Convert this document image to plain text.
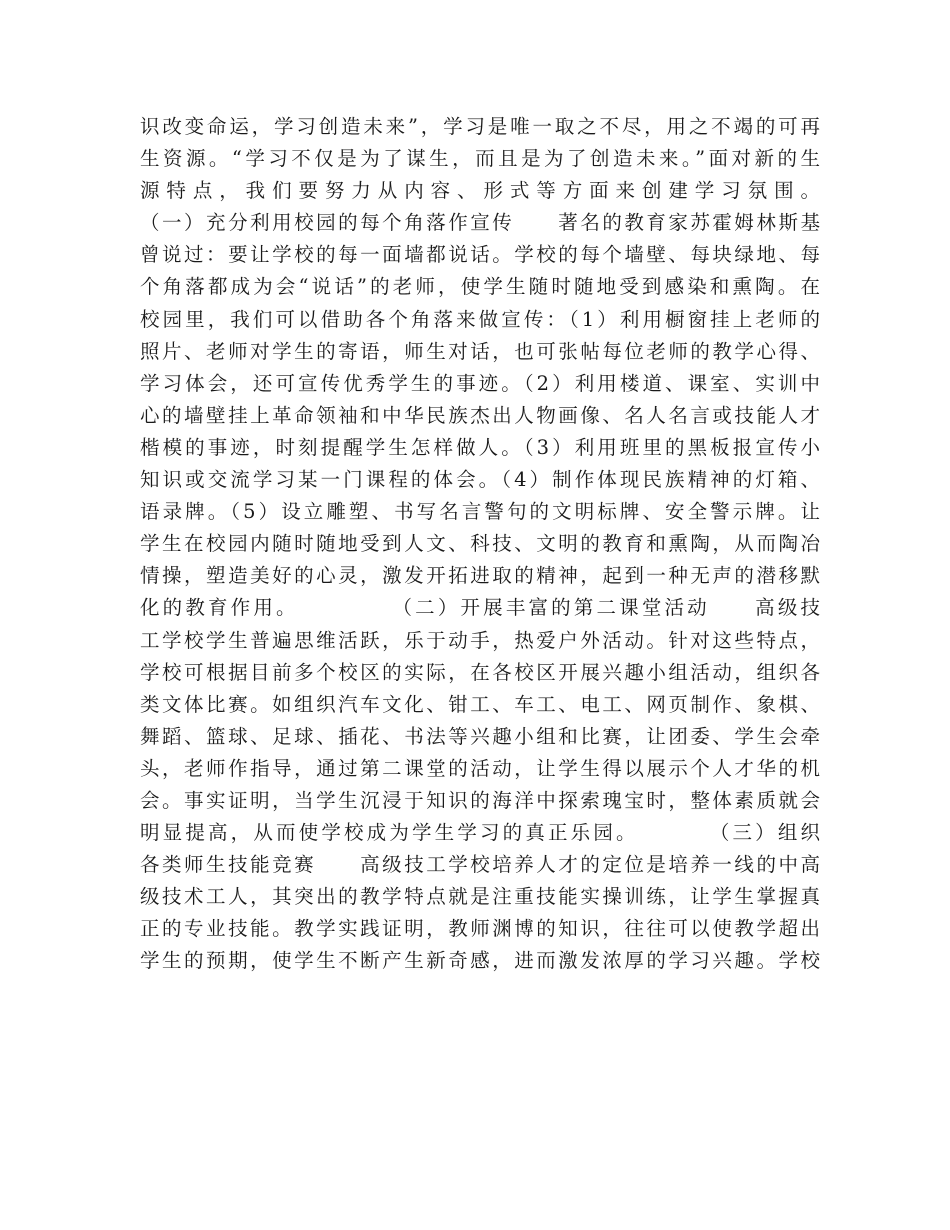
识改变命运，学习创造未来”，学习是唯一取之不尽，用之不竭的可再
生资源。“学习不仅是为了谋生，而且是为了创造未来。”面对新的生
源特点，我们要努力从内容、形式等方面来创建学习氛围。
（一）充分利用校园的每个角落作宣传　　著名的教育家苏霍姆林斯基
曾说过：要让学校的每一面墙都说话。学校的每个墙壁、每块绿地、每
个角落都成为会“说话”的老师，使学生随时随地受到感染和熏陶。在
校园里，我们可以借助各个角落来做宣传：（1）利用橱窗挂上老师的
照片、老师对学生的寄语，师生对话，也可张帖每位老师的教学心得、
学习体会，还可宣传优秀学生的事迹。（2）利用楼道、课室、实训中
心的墙壁挂上革命领袖和中华民族杰出人物画像、名人名言或技能人才
楷模的事迹，时刻提醒学生怎样做人。（3）利用班里的黑板报宣传小
知识或交流学习某一门课程的体会。（4）制作体现民族精神的灯箱、
语录牌。（5）设立雕塑、书写名言警句的文明标牌、安全警示牌。让
学生在校园内随时随地受到人文、科技、文明的教育和熏陶，从而陶冶
情操，塑造美好的心灵，激发开拓进取的精神，起到一种无声的潜移默
化的教育作用。　　　　　（二）开展丰富的第二课堂活动　　高级技
工学校学生普遍思维活跃，乐于动手，热爱户外活动。针对这些特点，
学校可根据目前多个校区的实际，在各校区开展兴趣小组活动，组织各
类文体比赛。如组织汽车文化、钳工、车工、电工、网页制作、象棋、
舞蹈、篮球、足球、插花、书法等兴趣小组和比赛，让团委、学生会牵
头，老师作指导，通过第二课堂的活动，让学生得以展示个人才华的机
会。事实证明，当学生沉浸于知识的海洋中探索瑰宝时，整体素质就会
明显提高，从而使学校成为学生学习的真正乐园。　　　　（三）组织
各类师生技能竞赛　　高级技工学校培养人才的定位是培养一线的中高
级技术工人，其突出的教学特点就是注重技能实操训练，让学生掌握真
正的专业技能。教学实践证明，教师渊博的知识，往往可以使教学超出
学生的预期，使学生不断产生新奇感，进而激发浓厚的学习兴趣。学校
